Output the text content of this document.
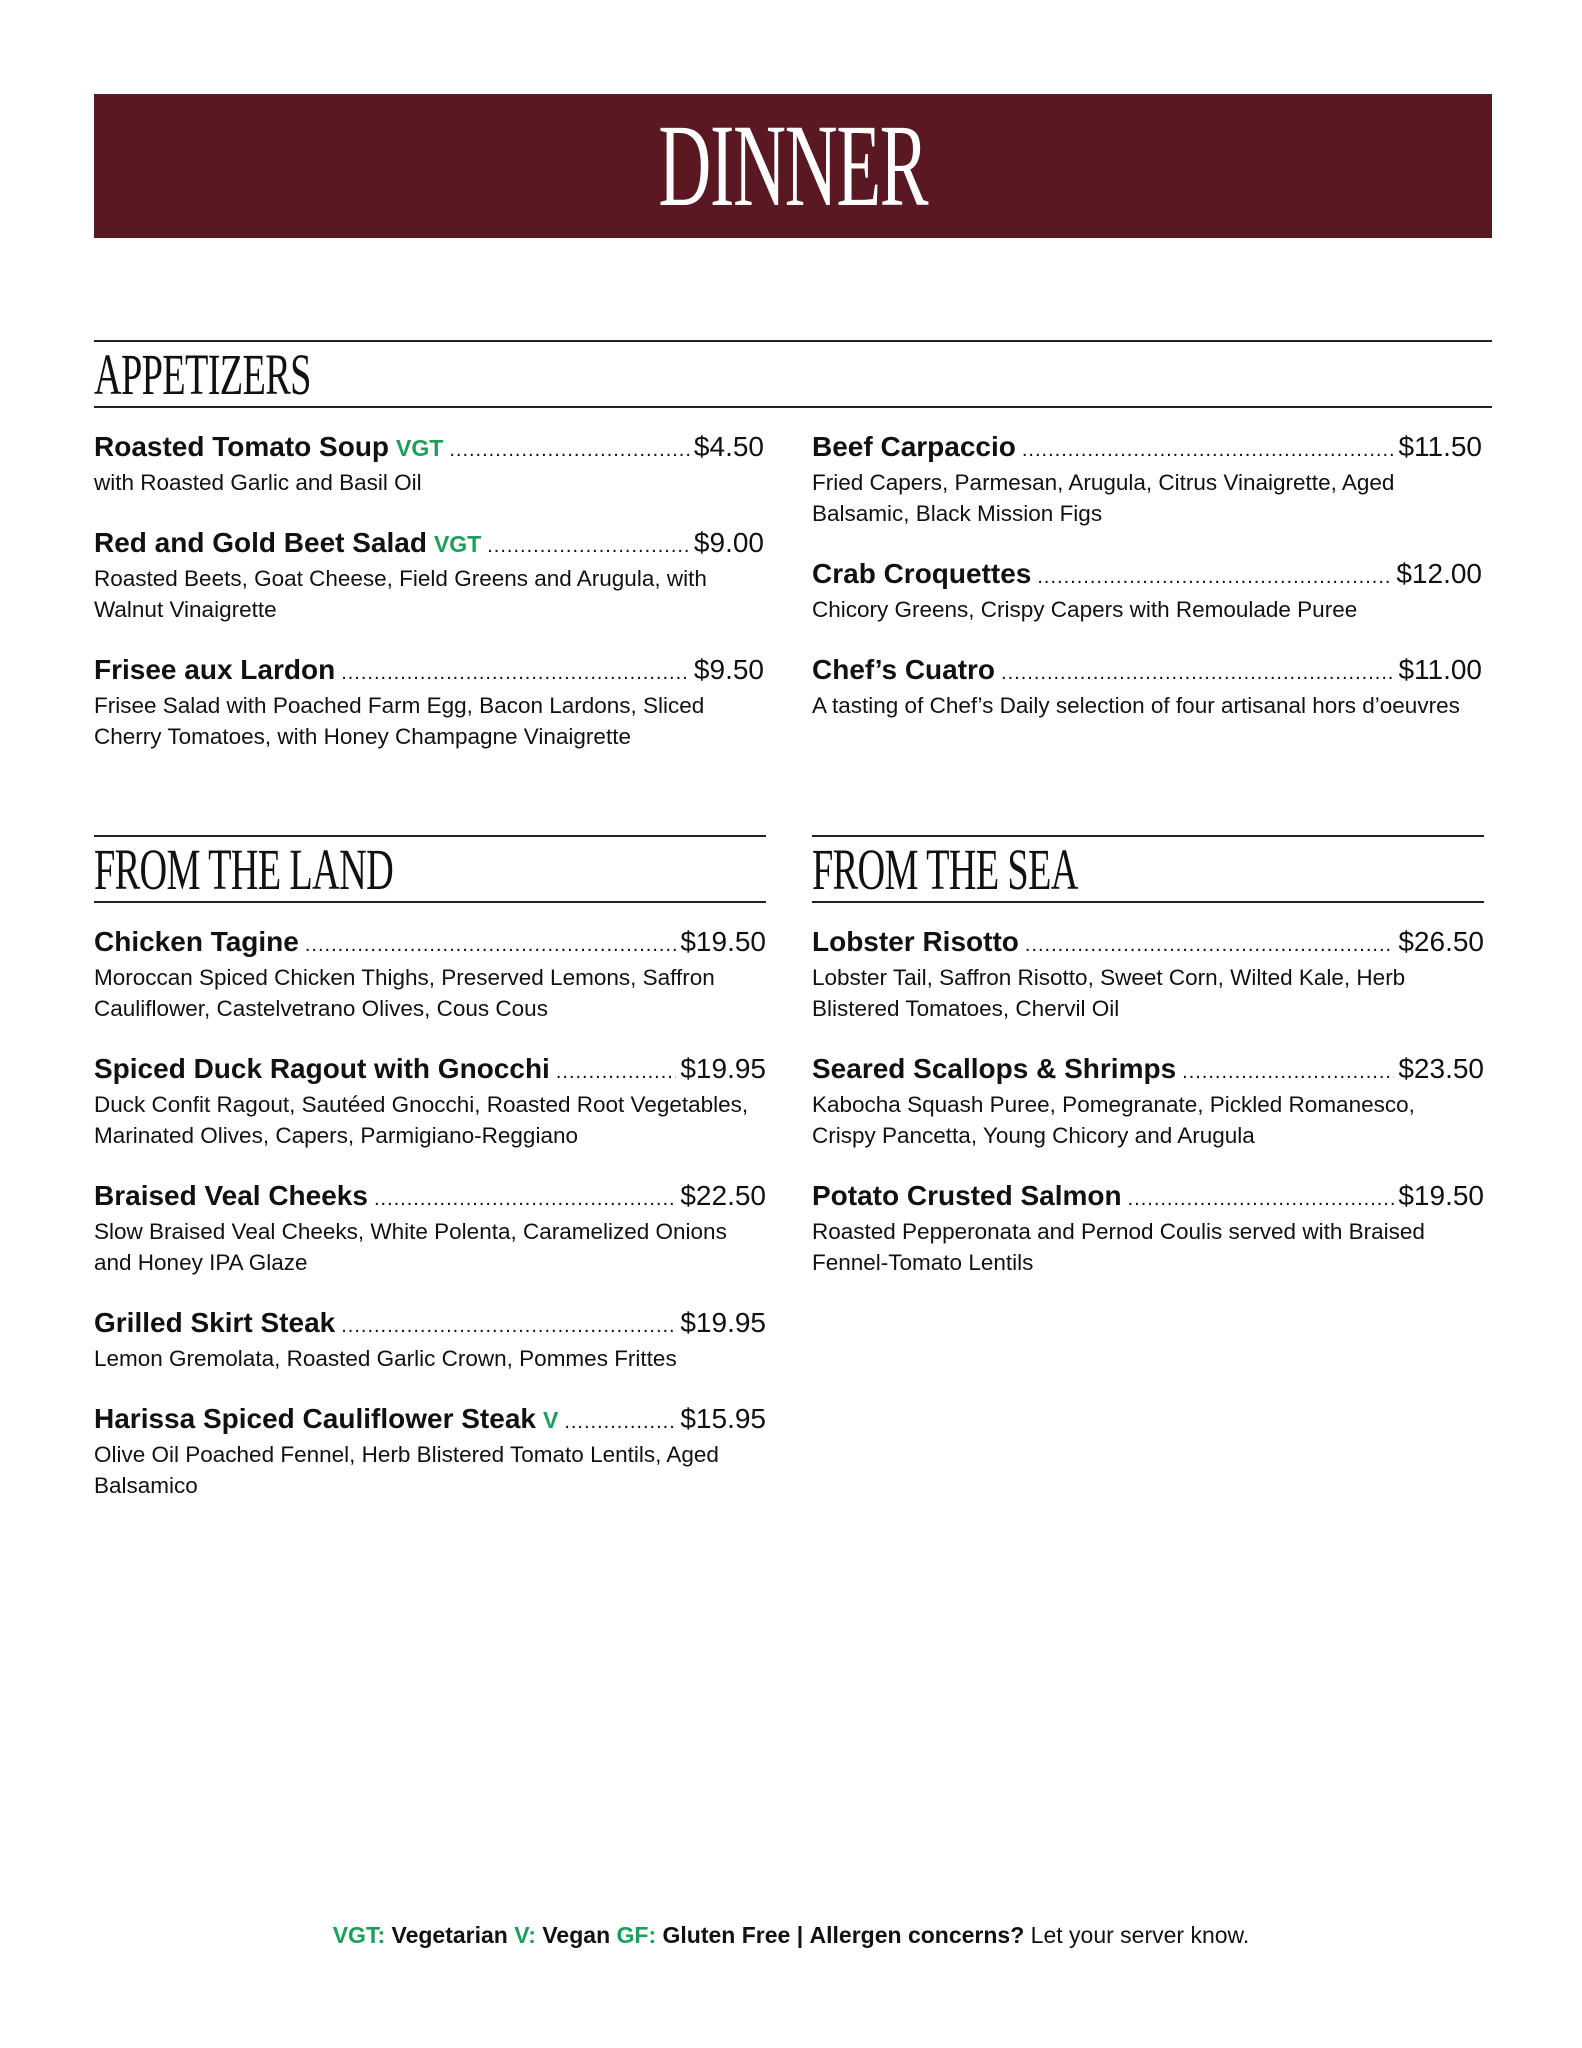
DINNER
APPETIZERS
Roasted Tomato Soup VGT .....	$4.50
with Roasted Garlic and Basil Oil
Red and Gold Beet Salad VGT .....	$9.00
Roasted Beets, Goat Cheese, Field Greens and Arugula, with Walnut Vinaigrette
Frisee aux Lardon .....	$9.50
Frisee Salad with Poached Farm Egg, Bacon Lardons, Sliced Cherry Tomatoes, with Honey Champagne Vinaigrette
Beef Carpaccio .....	$11.50
Fried Capers, Parmesan, Arugula, Citrus Vinaigrette, Aged Balsamic, Black Mission Figs
Crab Croquettes .....	$12.00
Chicory Greens, Crispy Capers with Remoulade Puree
Chef’s Cuatro .....	$11.00
A tasting of Chef’s Daily selection of four artisanal hors d’oeuvres
FROM THE LAND
Chicken Tagine .....	$19.50
Moroccan Spiced Chicken Thighs, Preserved Lemons, Saffron Cauliflower, Castelvetrano Olives, Cous Cous
Spiced Duck Ragout with Gnocchi .....	$19.95
Duck Confit Ragout, Sautéed Gnocchi, Roasted Root Vegetables, Marinated Olives, Capers, Parmigiano-Reggiano
Braised Veal Cheeks .....	$22.50
Slow Braised Veal Cheeks, White Polenta, Caramelized Onions and Honey IPA Glaze
Grilled Skirt Steak .....	$19.95
Lemon Gremolata, Roasted Garlic Crown, Pommes Frittes
Harissa Spiced Cauliflower Steak V .....	$15.95
Olive Oil Poached Fennel, Herb Blistered Tomato Lentils, Aged Balsamico
FROM THE SEA
Lobster Risotto .....	$26.50
Lobster Tail, Saffron Risotto, Sweet Corn, Wilted Kale, Herb Blistered Tomatoes, Chervil Oil
Seared Scallops & Shrimps .....	$23.50
Kabocha Squash Puree, Pomegranate, Pickled Romanesco, Crispy Pancetta, Young Chicory and Arugula
Potato Crusted Salmon .....	$19.50
Roasted Pepperonata and Pernod Coulis served with Braised Fennel-Tomato Lentils
VGT: Vegetarian V: Vegan GF: Gluten Free | Allergen concerns? Let your server know.
